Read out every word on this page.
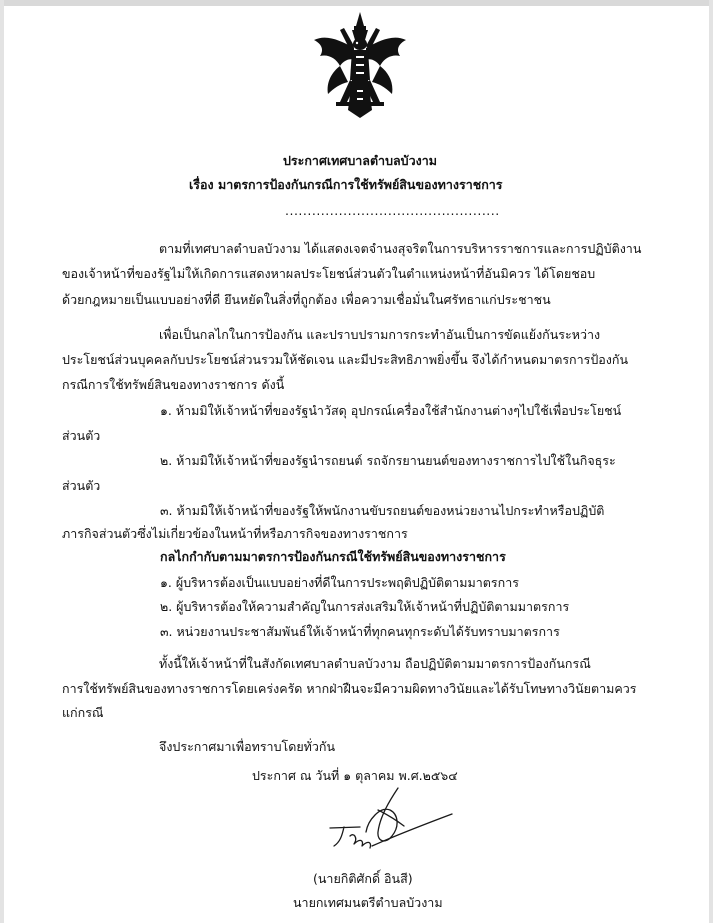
ประกาศเทศบาลตำบลบัวงาม
เรื่อง มาตรการป้องกันกรณีการใช้ทรัพย์สินของทางราชการ
................................................
ตามที่เทศบาลตำบลบัวงาม ได้แสดงเจตจำนงสุจริตในการบริหารราชการและการปฏิบัติงาน
ของเจ้าหน้าที่ของรัฐไม่ให้เกิดการแสดงหาผลประโยชน์ส่วนตัวในตำแหน่งหน้าที่อันมิควร ได้โดยชอบ
ด้วยกฎหมายเป็นแบบอย่างที่ดี ยึนหยัดในสิ่งที่ถูกต้อง เพื่อความเชื่อมั่นในศรัทธาแก่ประชาชน
เพื่อเป็นกลไกในการป้องกัน และปราบปรามการกระทำอันเป็นการขัดแย้งกันระหว่าง
ประโยชน์ส่วนบุคคลกับประโยชน์ส่วนรวมให้ชัดเจน และมีประสิทธิภาพยิ่งขึ้น จึงได้กำหนดมาตรการป้องกัน
กรณีการใช้ทรัพย์สินของทางราชการ ดังนี้
๑. ห้ามมิให้เจ้าหน้าที่ของรัฐนำวัสดุ อุปกรณ์เครื่องใช้สำนักงานต่างๆไปใช้เพื่อประโยชน์
ส่วนตัว
๒. ห้ามมิให้เจ้าหน้าที่ของรัฐนำรถยนต์ รถจักรยานยนต์ของทางราชการไปใช้ในกิจธุระ
ส่วนตัว
๓. ห้ามมิให้เจ้าหน้าที่ของรัฐให้พนักงานขับรถยนต์ของหน่วยงานไปกระทำหรือปฏิบัติ
ภารกิจส่วนตัวซึ่งไม่เกี่ยวข้องในหน้าที่หรือภารกิจของทางราชการ
กลไกกำกับตามมาตรการป้องกันกรณีใช้ทรัพย์สินของทางราชการ
๑. ผู้บริหารต้องเป็นแบบอย่างที่ดีในการประพฤติปฏิบัติตามมาตรการ
๒. ผู้บริหารต้องให้ความสำคัญในการส่งเสริมให้เจ้าหน้าที่ปฏิบัติตามมาตรการ
๓. หน่วยงานประชาสัมพันธ์ให้เจ้าหน้าที่ทุกคนทุกระดับได้รับทราบมาตรการ
ทั้งนี้ให้เจ้าหน้าที่ในสังกัดเทศบาลตำบลบัวงาม ถือปฏิบัติตามมาตรการป้องกันกรณี
การใช้ทรัพย์สินของทางราชการโดยเคร่งครัด หากฝ่าฝืนจะมีความผิดทางวินัยและได้รับโทษทางวินัยตามควร
แก่กรณี
จึงประกาศมาเพื่อทราบโดยทั่วกัน
ประกาศ ณ วันที่ ๑ ตุลาคม พ.ศ.๒๕๖๔
(นายกิติศักดิ์ อินสี)
นายกเทศมนตรีตำบลบัวงาม
